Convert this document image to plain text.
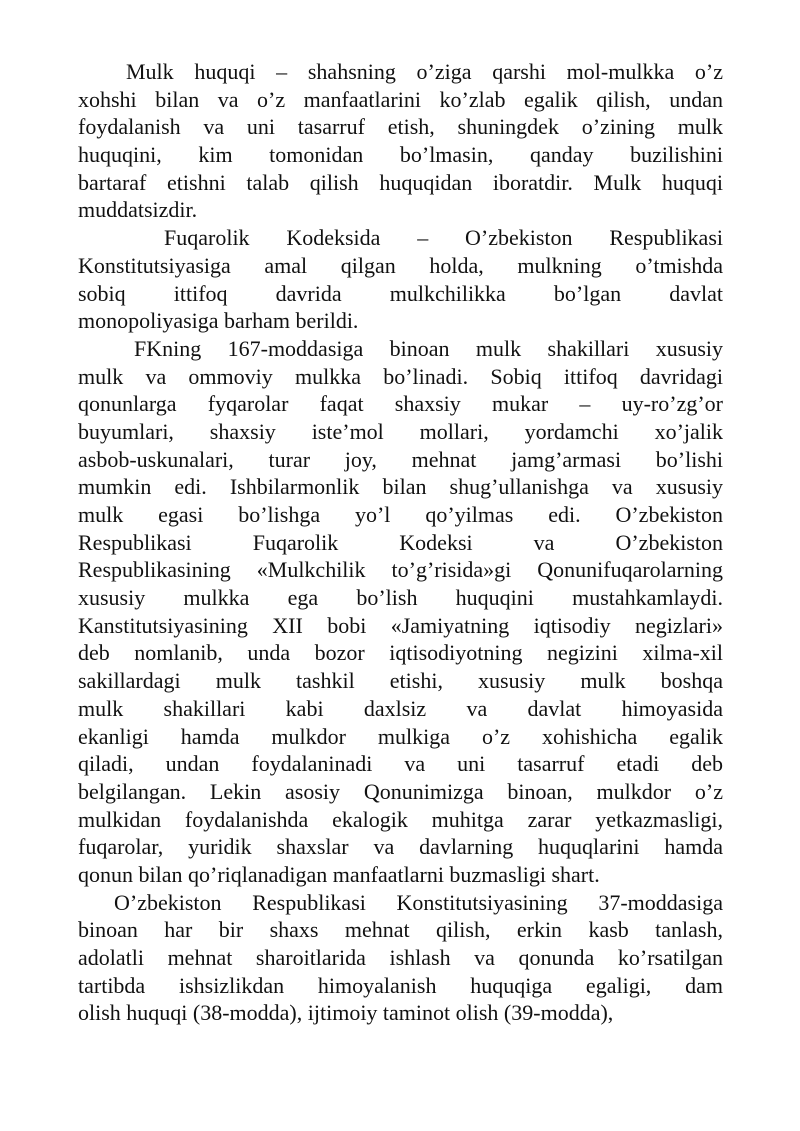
Mulk huquqi – shahsning o’ziga qarshi mol-mulkka o’z
xohshi bilan va o’z manfaatlarini ko’zlab egalik qilish, undan
foydalanish va uni tasarruf etish, shuningdek o’zining mulk
huquqini, kim tomonidan bo’lmasin, qanday buzilishini
bartaraf etishni talab qilish huquqidan iboratdir. Mulk huquqi
muddatsizdir.
Fuqarolik Kodeksida – O’zbekiston Respublikasi
Konstitutsiyasiga amal qilgan holda, mulkning o’tmishda
sobiq ittifoq davrida mulkchilikka bo’lgan davlat
monopoliyasiga barham berildi.
FKning 167-moddasiga binoan mulk shakillari xususiy
mulk va ommoviy mulkka bo’linadi. Sobiq ittifoq davridagi
qonunlarga fyqarolar faqat shaxsiy mukar – uy-ro’zg’or
buyumlari, shaxsiy iste’mol mollari, yordamchi xo’jalik
asbob-uskunalari, turar joy, mehnat jamg’armasi bo’lishi
mumkin edi. Ishbilarmonlik bilan shug’ullanishga va xususiy
mulk egasi bo’lishga yo’l qo’yilmas edi. O’zbekiston
Respublikasi Fuqarolik Kodeksi va O’zbekiston
Respublikasining «Mulkchilik to’g’risida»gi Qonunifuqarolarning
xususiy mulkka ega bo’lish huquqini mustahkamlaydi.
Kanstitutsiyasining XII bobi «Jamiyatning iqtisodiy negizlari»
deb nomlanib, unda bozor iqtisodiyotning negizini xilma-xil
sakillardagi mulk tashkil etishi, xususiy mulk boshqa
mulk shakillari kabi daxlsiz va davlat himoyasida
ekanligi hamda mulkdor mulkiga o’z xohishicha egalik
qiladi, undan foydalaninadi va uni tasarruf etadi deb
belgilangan. Lekin asosiy Qonunimizga binoan, mulkdor o’z
mulkidan foydalanishda ekalogik muhitga zarar yetkazmasligi,
fuqarolar, yuridik shaxslar va davlarning huquqlarini hamda
qonun bilan qo’riqlanadigan manfaatlarni buzmasligi shart.
O’zbekiston Respublikasi Konstitutsiyasining 37-moddasiga
binoan har bir shaxs mehnat qilish, erkin kasb tanlash,
adolatli mehnat sharoitlarida ishlash va qonunda ko’rsatilgan
tartibda ishsizlikdan himoyalanish huquqiga egaligi, dam
olish huquqi (38-modda), ijtimoiy taminot olish (39-modda),
